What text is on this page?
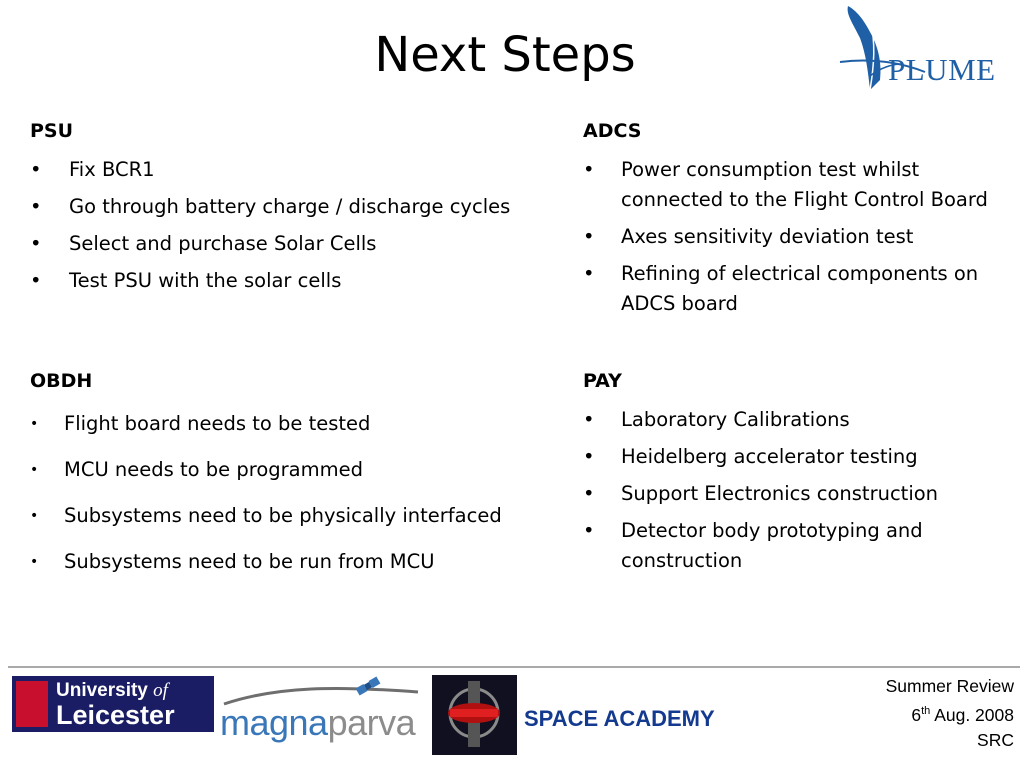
Next Steps	PLUME
PSU
• Fix BCR1
• Go through battery charge / discharge cycles
• Select and purchase Solar Cells
• Test PSU with the solar cells
ADCS
• Power consumption test whilst connected to the Flight Control Board
• Axes sensitivity deviation test
• Refining of electrical components on ADCS board
OBDH
• Flight board needs to be tested
• MCU needs to be programmed
• Subsystems need to be physically interfaced
• Subsystems need to be run from MCU
PAY
• Laboratory Calibrations
• Heidelberg accelerator testing
• Support Electronics construction
• Detector body prototyping and construction
University of
Leicester magnaparva	SPACE ACADEMY
Summer Review
6th Aug. 2008
SRC
